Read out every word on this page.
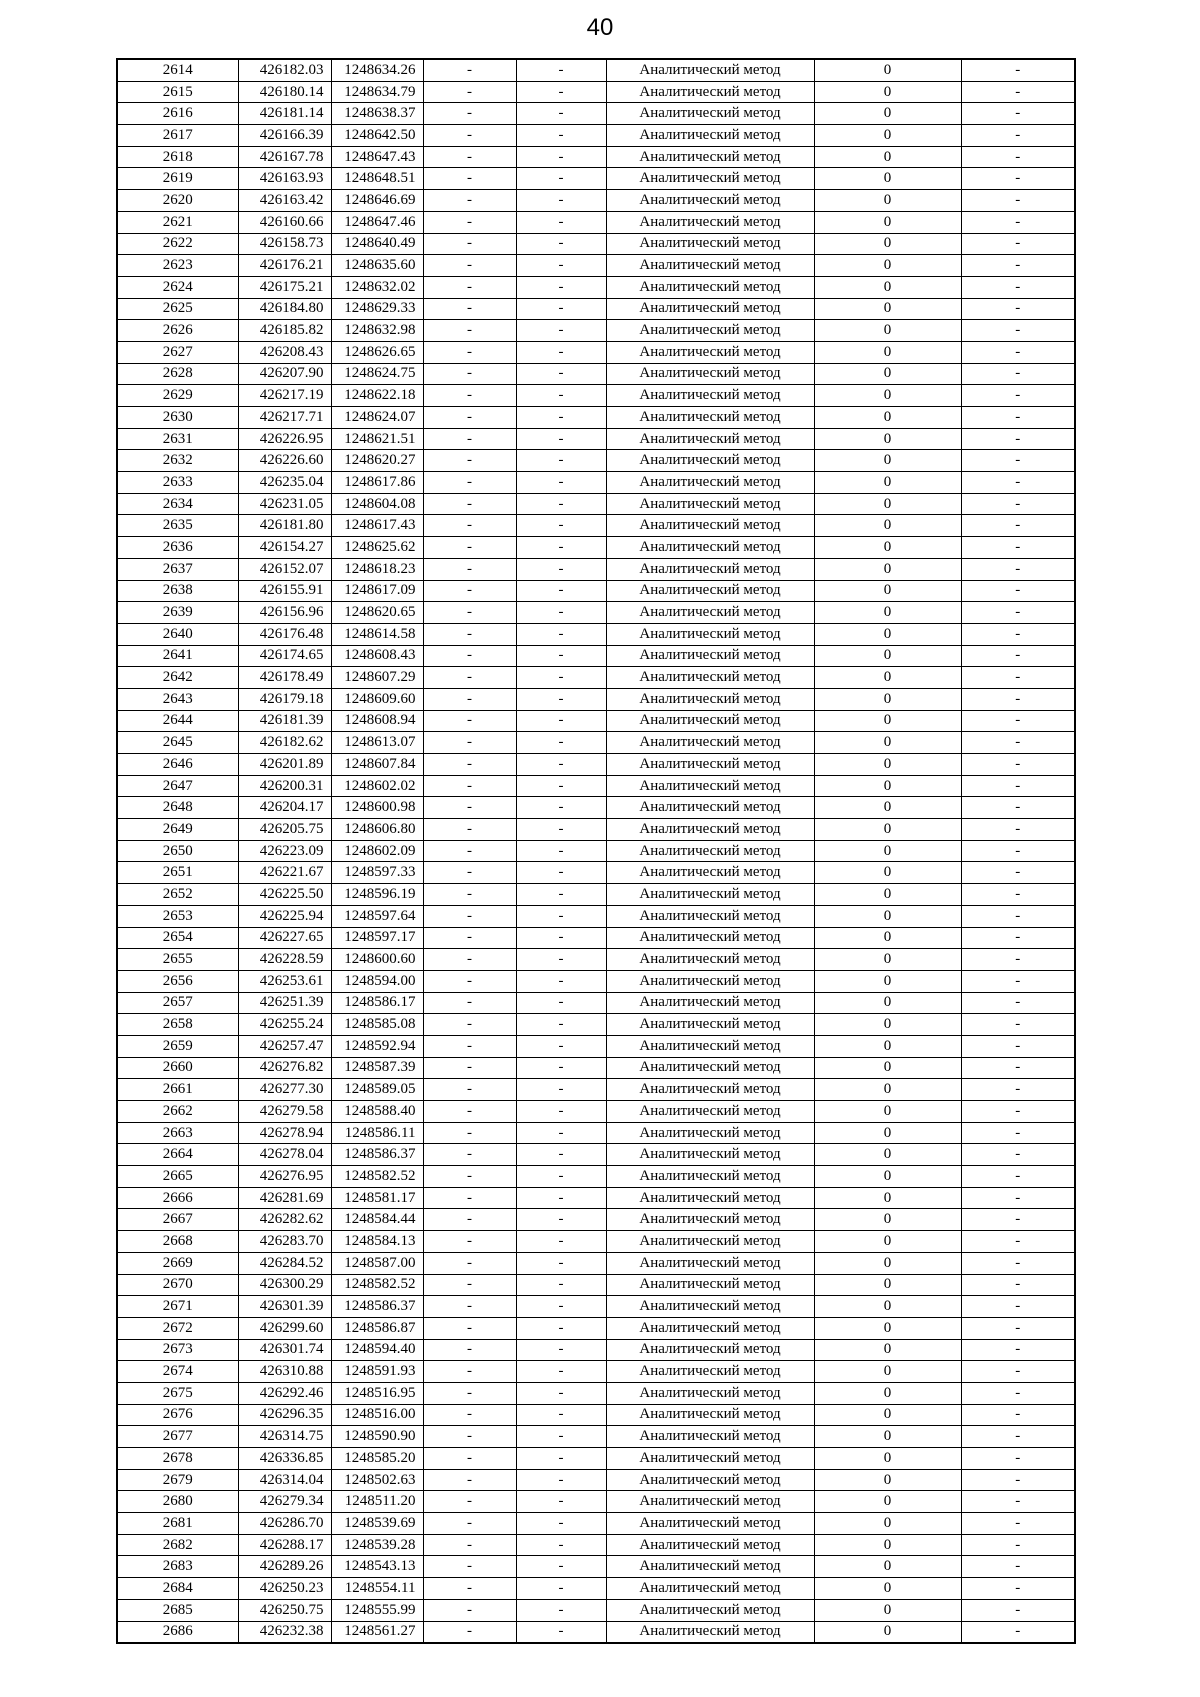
40
2614	426182.03	1248634.26	-	-	Аналитический метод	0	-
2615	426180.14	1248634.79	-	-	Аналитический метод	0	-
2616	426181.14	1248638.37	-	-	Аналитический метод	0	-
2617	426166.39	1248642.50	-	-	Аналитический метод	0	-
2618	426167.78	1248647.43	-	-	Аналитический метод	0	-
2619	426163.93	1248648.51	-	-	Аналитический метод	0	-
2620	426163.42	1248646.69	-	-	Аналитический метод	0	-
2621	426160.66	1248647.46	-	-	Аналитический метод	0	-
2622	426158.73	1248640.49	-	-	Аналитический метод	0	-
2623	426176.21	1248635.60	-	-	Аналитический метод	0	-
2624	426175.21	1248632.02	-	-	Аналитический метод	0	-
2625	426184.80	1248629.33	-	-	Аналитический метод	0	-
2626	426185.82	1248632.98	-	-	Аналитический метод	0	-
2627	426208.43	1248626.65	-	-	Аналитический метод	0	-
2628	426207.90	1248624.75	-	-	Аналитический метод	0	-
2629	426217.19	1248622.18	-	-	Аналитический метод	0	-
2630	426217.71	1248624.07	-	-	Аналитический метод	0	-
2631	426226.95	1248621.51	-	-	Аналитический метод	0	-
2632	426226.60	1248620.27	-	-	Аналитический метод	0	-
2633	426235.04	1248617.86	-	-	Аналитический метод	0	-
2634	426231.05	1248604.08	-	-	Аналитический метод	0	-
2635	426181.80	1248617.43	-	-	Аналитический метод	0	-
2636	426154.27	1248625.62	-	-	Аналитический метод	0	-
2637	426152.07	1248618.23	-	-	Аналитический метод	0	-
2638	426155.91	1248617.09	-	-	Аналитический метод	0	-
2639	426156.96	1248620.65	-	-	Аналитический метод	0	-
2640	426176.48	1248614.58	-	-	Аналитический метод	0	-
2641	426174.65	1248608.43	-	-	Аналитический метод	0	-
2642	426178.49	1248607.29	-	-	Аналитический метод	0	-
2643	426179.18	1248609.60	-	-	Аналитический метод	0	-
2644	426181.39	1248608.94	-	-	Аналитический метод	0	-
2645	426182.62	1248613.07	-	-	Аналитический метод	0	-
2646	426201.89	1248607.84	-	-	Аналитический метод	0	-
2647	426200.31	1248602.02	-	-	Аналитический метод	0	-
2648	426204.17	1248600.98	-	-	Аналитический метод	0	-
2649	426205.75	1248606.80	-	-	Аналитический метод	0	-
2650	426223.09	1248602.09	-	-	Аналитический метод	0	-
2651	426221.67	1248597.33	-	-	Аналитический метод	0	-
2652	426225.50	1248596.19	-	-	Аналитический метод	0	-
2653	426225.94	1248597.64	-	-	Аналитический метод	0	-
2654	426227.65	1248597.17	-	-	Аналитический метод	0	-
2655	426228.59	1248600.60	-	-	Аналитический метод	0	-
2656	426253.61	1248594.00	-	-	Аналитический метод	0	-
2657	426251.39	1248586.17	-	-	Аналитический метод	0	-
2658	426255.24	1248585.08	-	-	Аналитический метод	0	-
2659	426257.47	1248592.94	-	-	Аналитический метод	0	-
2660	426276.82	1248587.39	-	-	Аналитический метод	0	-
2661	426277.30	1248589.05	-	-	Аналитический метод	0	-
2662	426279.58	1248588.40	-	-	Аналитический метод	0	-
2663	426278.94	1248586.11	-	-	Аналитический метод	0	-
2664	426278.04	1248586.37	-	-	Аналитический метод	0	-
2665	426276.95	1248582.52	-	-	Аналитический метод	0	-
2666	426281.69	1248581.17	-	-	Аналитический метод	0	-
2667	426282.62	1248584.44	-	-	Аналитический метод	0	-
2668	426283.70	1248584.13	-	-	Аналитический метод	0	-
2669	426284.52	1248587.00	-	-	Аналитический метод	0	-
2670	426300.29	1248582.52	-	-	Аналитический метод	0	-
2671	426301.39	1248586.37	-	-	Аналитический метод	0	-
2672	426299.60	1248586.87	-	-	Аналитический метод	0	-
2673	426301.74	1248594.40	-	-	Аналитический метод	0	-
2674	426310.88	1248591.93	-	-	Аналитический метод	0	-
2675	426292.46	1248516.95	-	-	Аналитический метод	0	-
2676	426296.35	1248516.00	-	-	Аналитический метод	0	-
2677	426314.75	1248590.90	-	-	Аналитический метод	0	-
2678	426336.85	1248585.20	-	-	Аналитический метод	0	-
2679	426314.04	1248502.63	-	-	Аналитический метод	0	-
2680	426279.34	1248511.20	-	-	Аналитический метод	0	-
2681	426286.70	1248539.69	-	-	Аналитический метод	0	-
2682	426288.17	1248539.28	-	-	Аналитический метод	0	-
2683	426289.26	1248543.13	-	-	Аналитический метод	0	-
2684	426250.23	1248554.11	-	-	Аналитический метод	0	-
2685	426250.75	1248555.99	-	-	Аналитический метод	0	-
2686	426232.38	1248561.27	-	-	Аналитический метод	0	-
